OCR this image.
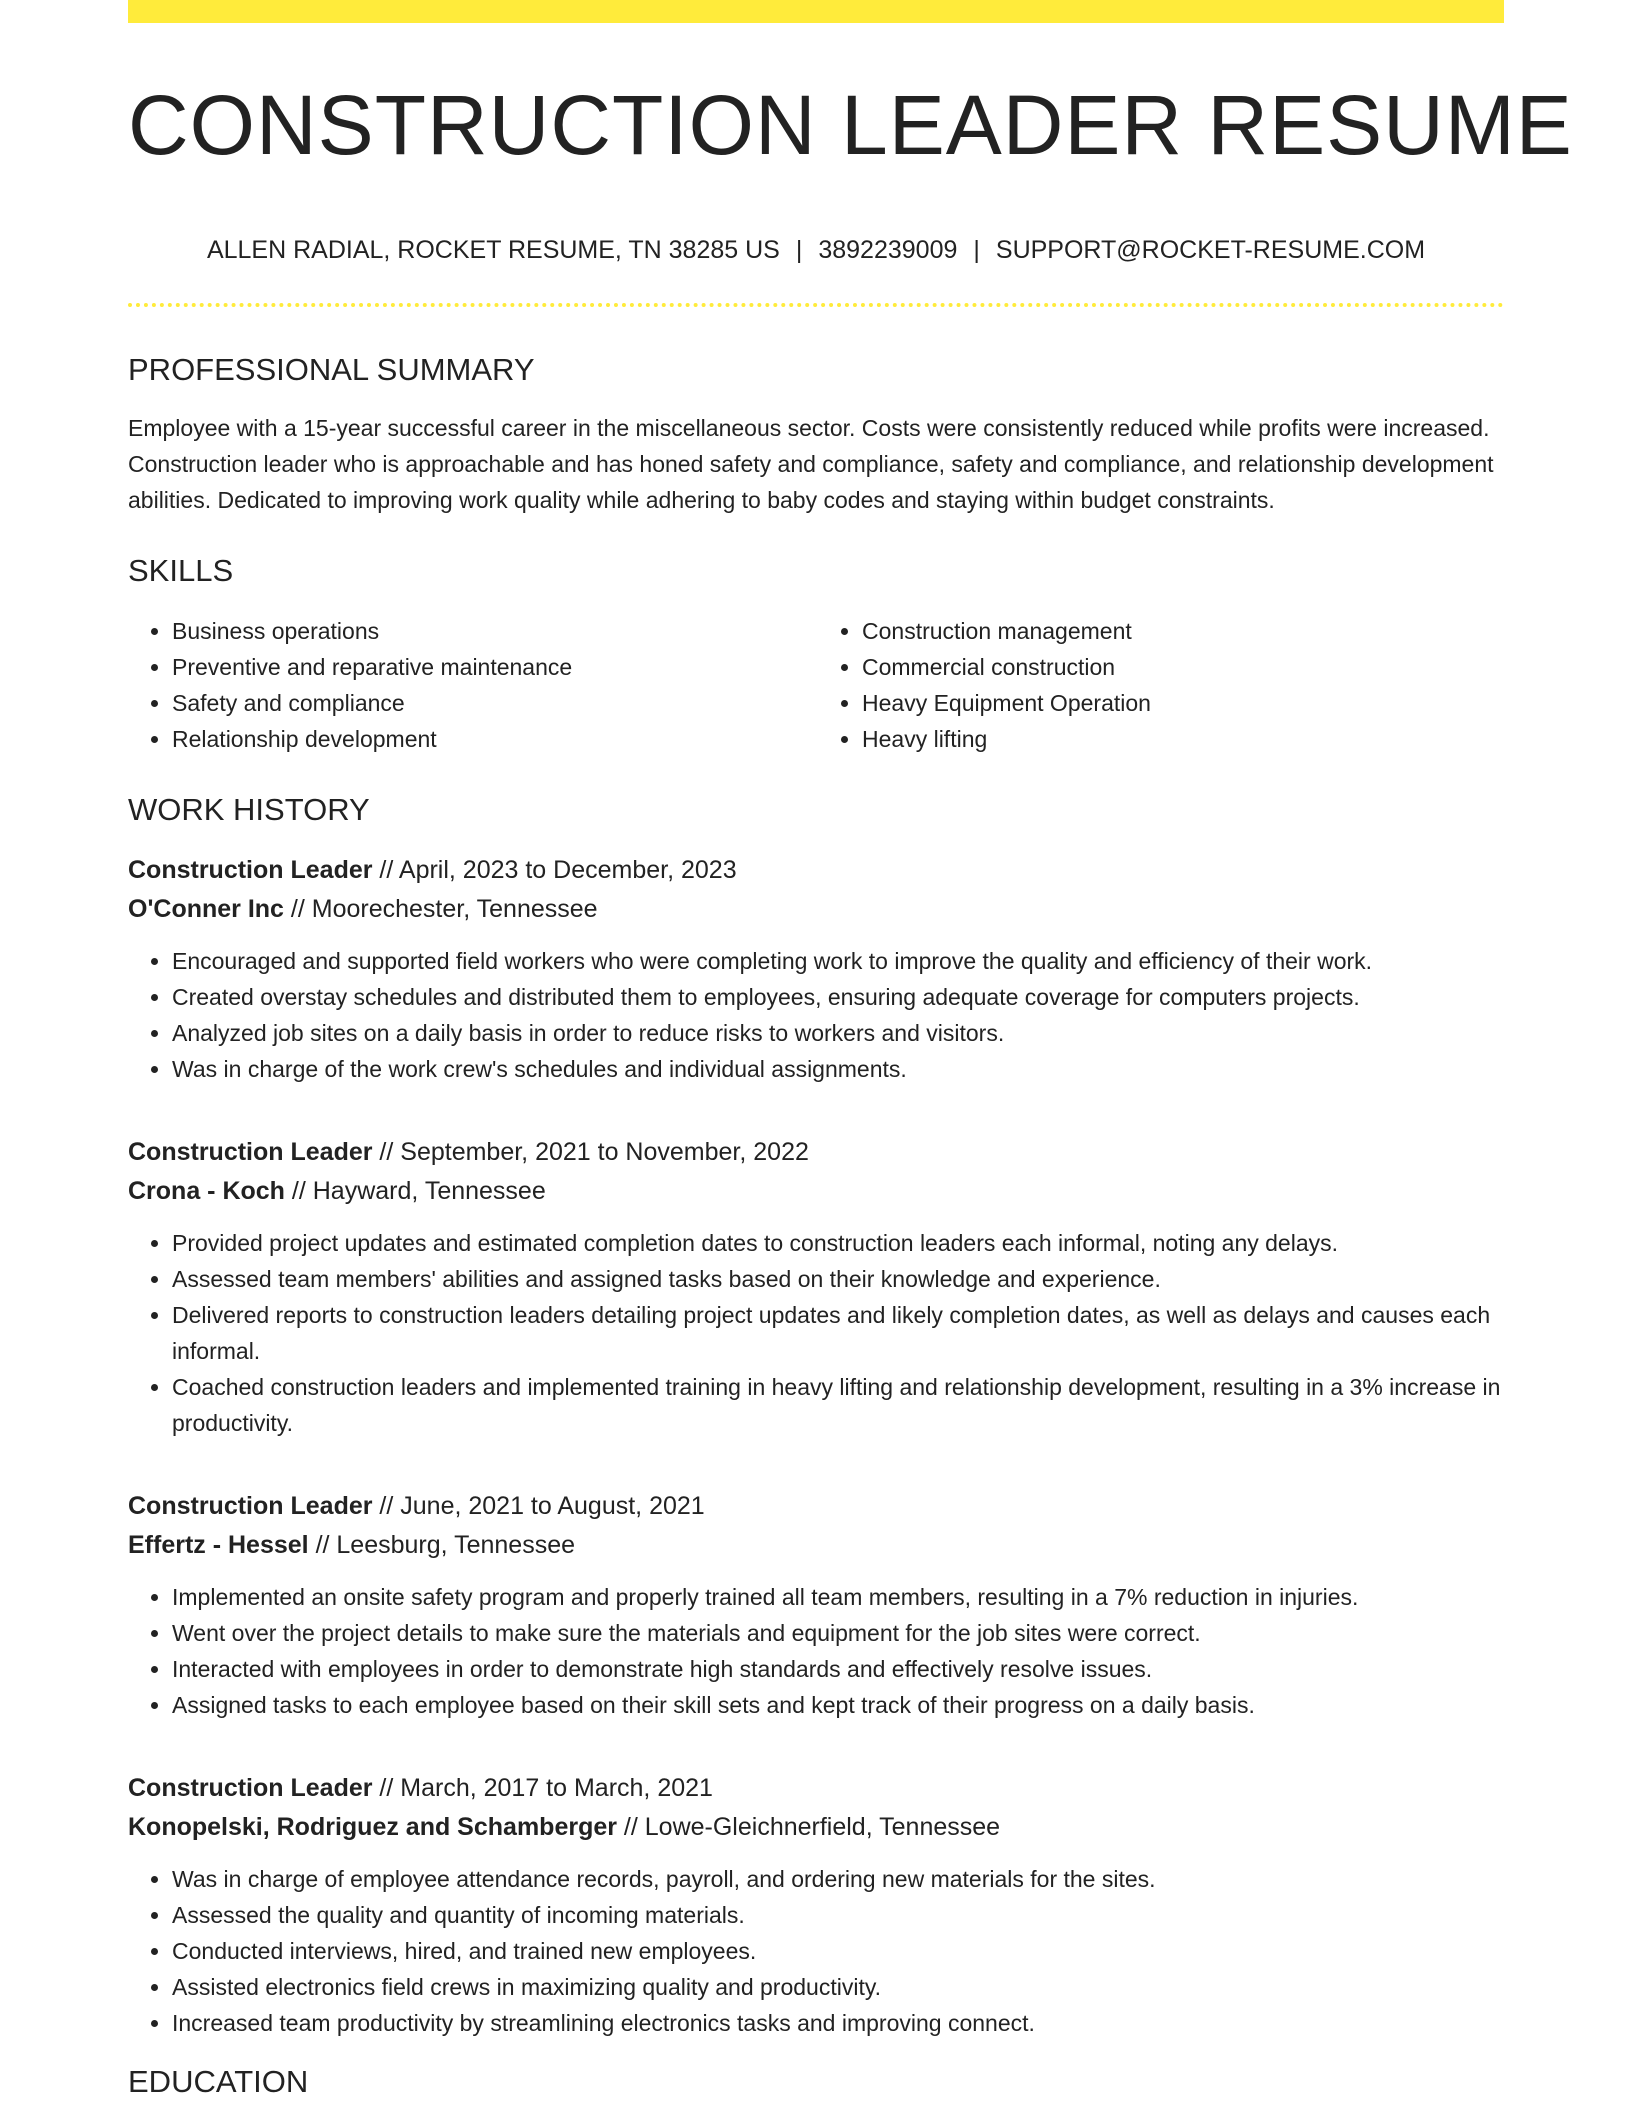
CONSTRUCTION LEADER RESUME
ALLEN RADIAL, ROCKET RESUME, TN 38285 US | 3892239009 | SUPPORT@ROCKET-RESUME.COM
PROFESSIONAL SUMMARY
Employee with a 15-year successful career in the miscellaneous sector. Costs were consistently reduced while profits were increased. Construction leader who is approachable and has honed safety and compliance, safety and compliance, and relationship development abilities. Dedicated to improving work quality while adhering to baby codes and staying within budget constraints.
SKILLS
• Business operations
• Preventive and reparative maintenance
• Safety and compliance
• Relationship development
• Construction management
• Commercial construction
• Heavy Equipment Operation
• Heavy lifting
WORK HISTORY
Construction Leader // April, 2023 to December, 2023
O'Conner Inc // Moorechester, Tennessee
• Encouraged and supported field workers who were completing work to improve the quality and efficiency of their work.
• Created overstay schedules and distributed them to employees, ensuring adequate coverage for computers projects.
• Analyzed job sites on a daily basis in order to reduce risks to workers and visitors.
• Was in charge of the work crew's schedules and individual assignments.
Construction Leader // September, 2021 to November, 2022
Crona - Koch // Hayward, Tennessee
• Provided project updates and estimated completion dates to construction leaders each informal, noting any delays.
• Assessed team members' abilities and assigned tasks based on their knowledge and experience.
• Delivered reports to construction leaders detailing project updates and likely completion dates, as well as delays and causes each informal.
• Coached construction leaders and implemented training in heavy lifting and relationship development, resulting in a 3% increase in productivity.
Construction Leader // June, 2021 to August, 2021
Effertz - Hessel // Leesburg, Tennessee
• Implemented an onsite safety program and properly trained all team members, resulting in a 7% reduction in injuries.
• Went over the project details to make sure the materials and equipment for the job sites were correct.
• Interacted with employees in order to demonstrate high standards and effectively resolve issues.
• Assigned tasks to each employee based on their skill sets and kept track of their progress on a daily basis.
Construction Leader // March, 2017 to March, 2021
Konopelski, Rodriguez and Schamberger // Lowe-Gleichnerfield, Tennessee
• Was in charge of employee attendance records, payroll, and ordering new materials for the sites.
• Assessed the quality and quantity of incoming materials.
• Conducted interviews, hired, and trained new employees.
• Assisted electronics field crews in maximizing quality and productivity.
• Increased team productivity by streamlining electronics tasks and improving connect.
EDUCATION
